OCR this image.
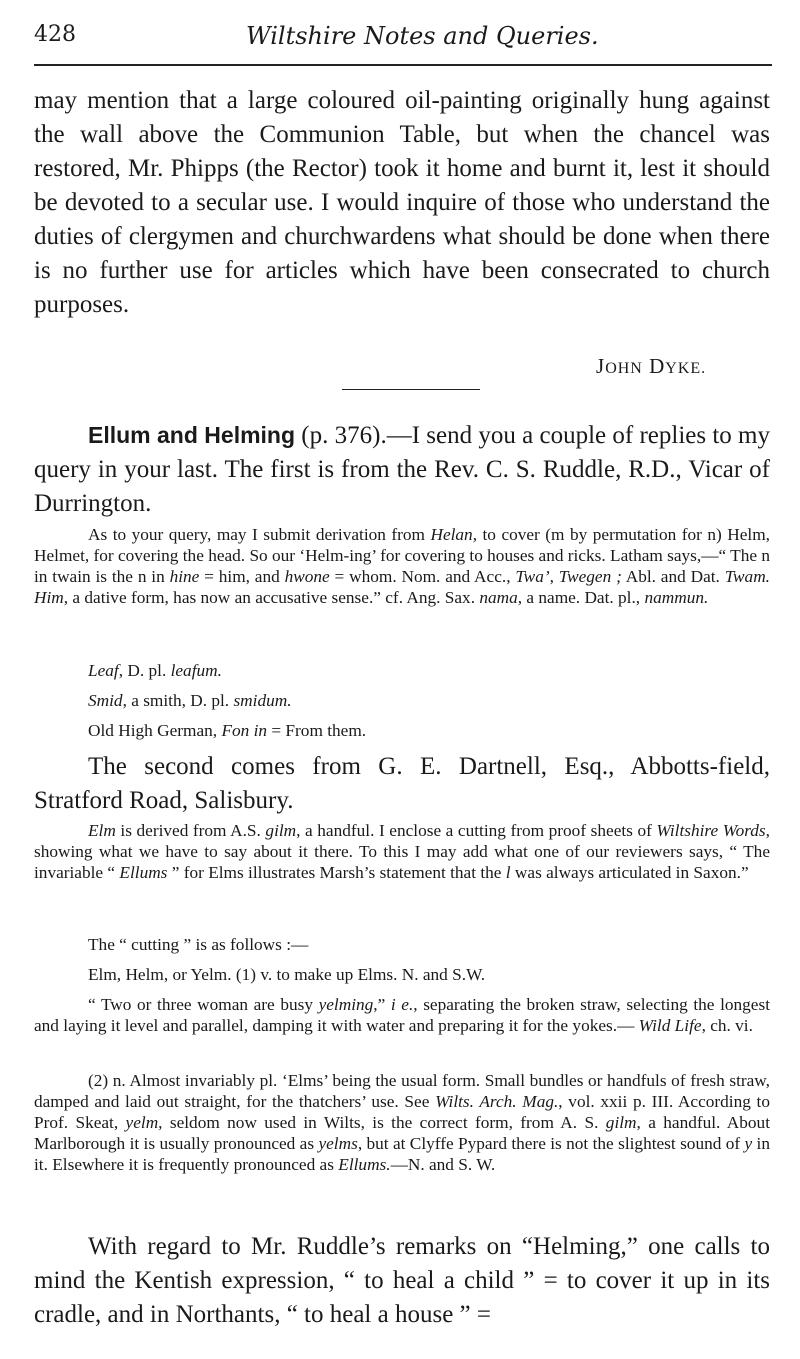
428	Wiltshire Notes and Queries.

may mention that a large coloured oil-painting originally hung against the wall above the Communion Table, but when the chancel was restored, Mr. Phipps (the Rector) took it home and burnt it, lest it should be devoted to a secular use. I would inquire of those who understand the duties of clergymen and churchwardens what should be done when there is no further use for articles which have been consecrated to church purposes.

JOHN DYKE.

Ellum and Helming (p. 376).—I send you a couple of replies to my query in your last. The first is from the Rev. C. S. Ruddle, R.D., Vicar of Durrington.

As to your query, may I submit derivation from Helan, to cover (m by permutation for n) Helm, Helmet, for covering the head. So our ‘Helm-ing’ for covering to houses and ricks. Latham says,—“ The n in twain is the n in hine = him, and hwone = whom. Nom. and Acc., Twa’, Twegen ; Abl. and Dat. Twam. Him, a dative form, has now an accusative sense.” cf. Ang. Sax. nama, a name. Dat. pl., nammun.

Leaf, D. pl. leafum.

Smid, a smith, D. pl. smidum.

Old High German, Fon in = From them.

The second comes from G. E. Dartnell, Esq., Abbotts-field, Stratford Road, Salisbury.

Elm is derived from A.S. gilm, a handful. I enclose a cutting from proof sheets of Wiltshire Words, showing what we have to say about it there. To this I may add what one of our reviewers says, “ The invariable “ Ellums ” for Elms illustrates Marsh’s statement that the l was always articulated in Saxon.”

The “ cutting ” is as follows :—

Elm, Helm, or Yelm. (1) v. to make up Elms. N. and S.W.

“ Two or three woman are busy yelming,” i e., separating the broken straw, selecting the longest and laying it level and parallel, damping it with water and preparing it for the yokes.— Wild Life, ch. vi.

(2) n. Almost invariably pl. ‘Elms’ being the usual form. Small bundles or handfuls of fresh straw, damped and laid out straight, for the thatchers’ use. See Wilts. Arch. Mag., vol. xxii p. III. According to Prof. Skeat, yelm, seldom now used in Wilts, is the correct form, from A. S. gilm, a handful. About Marlborough it is usually pronounced as yelms, but at Clyffe Pypard there is not the slightest sound of y in it. Elsewhere it is frequently pronounced as Ellums.—N. and S. W.

With regard to Mr. Ruddle’s remarks on “Helming,” one calls to mind the Kentish expression, “ to heal a child ” = to cover it up in its cradle, and in Northants, “ to heal a house ” =
